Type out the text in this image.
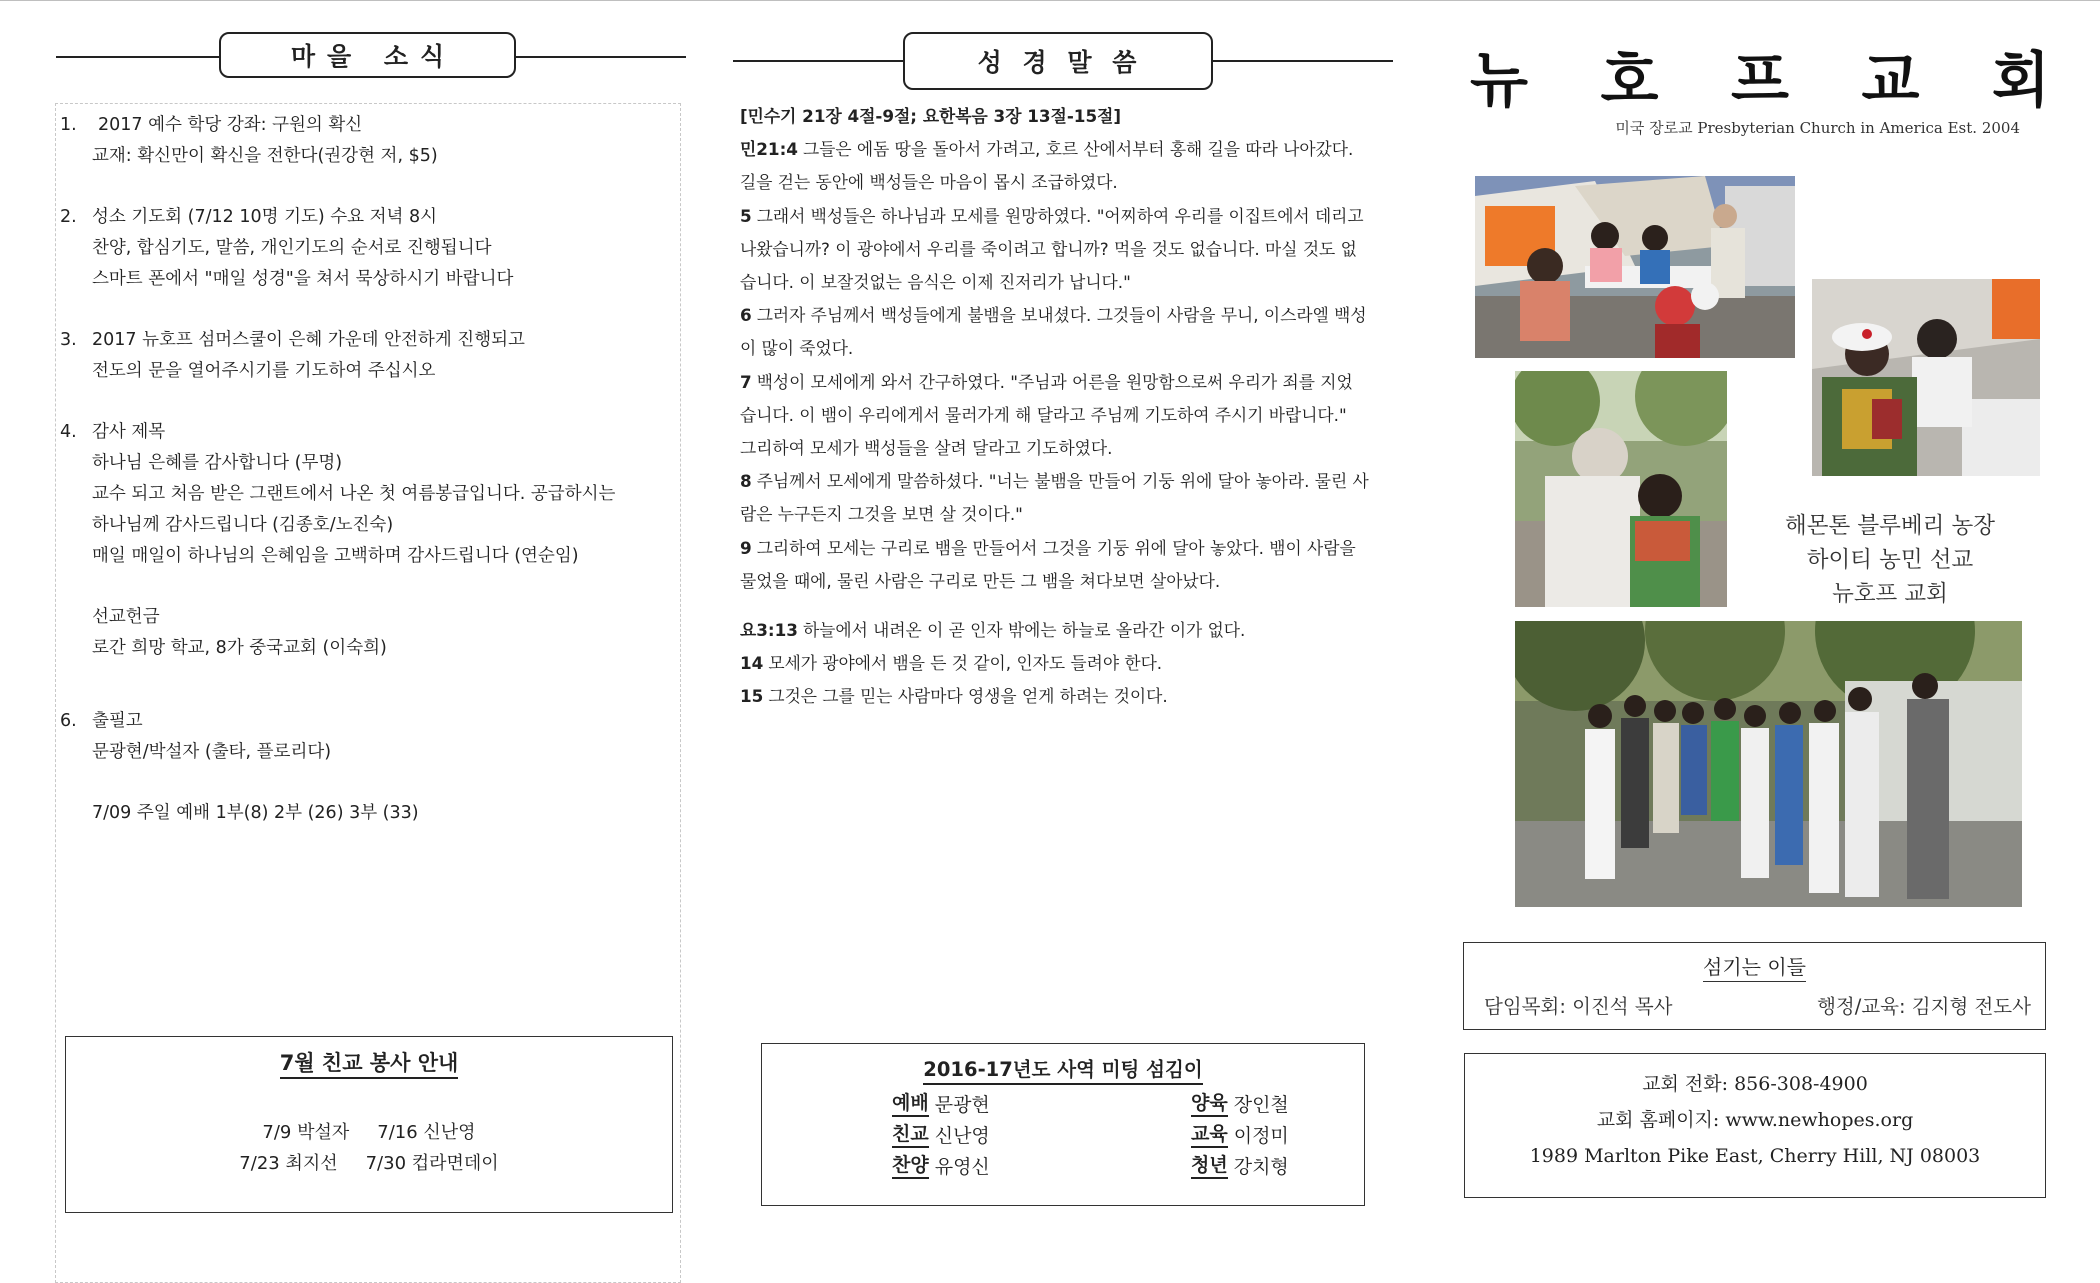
마을 소식
1.	2017 예수 학당 강좌: 구원의 확신
교재: 확신만이 확신을 전한다(권강현 저, $5)
2. 성소 기도회 (7/12 10명 기도) 수요 저녁 8시
찬양, 합심기도, 말씀, 개인기도의 순서로 진행됩니다
스마트 폰에서 "매일 성경"을 쳐서 묵상하시기 바랍니다
3. 2017 뉴호프 섬머스쿨이 은혜 가운데 안전하게 진행되고
전도의 문을 열어주시기를 기도하여 주십시오
4. 감사 제목
하나님 은혜를 감사합니다 (무명)
교수 되고 처음 받은 그랜트에서 나온 첫 여름봉급입니다. 공급하시는
하나님께 감사드립니다 (김종호/노진숙)
매일 매일이 하나님의 은혜임을 고백하며 감사드립니다 (연순임)
선교헌금
로간 희망 학교, 8가 중국교회 (이숙희)
6. 출필고
문광현/박설자 (출타, 플로리다)
7/09 주일 예배 1부(8) 2부 (26) 3부 (33)
7월 친교 봉사 안내
7/9 박설자 7/16 신난영
7/23 최지선 7/30 컵라면데이
성 경 말 씀
[민수기 21장 4절-9절; 요한복음 3장 13절-15절]
민21:4 그들은 에돔 땅을 돌아서 가려고, 호르 산에서부터 홍해 길을 따라 나아갔다.
길을 걷는 동안에 백성들은 마음이 몹시 조급하였다.
5 그래서 백성들은 하나님과 모세를 원망하였다. "어찌하여 우리를 이집트에서 데리고
나왔습니까? 이 광야에서 우리를 죽이려고 합니까? 먹을 것도 없습니다. 마실 것도 없
습니다. 이 보잘것없는 음식은 이제 진저리가 납니다."
6 그러자 주님께서 백성들에게 불뱀을 보내셨다. 그것들이 사람을 무니, 이스라엘 백성
이 많이 죽었다.
7 백성이 모세에게 와서 간구하였다. "주님과 어른을 원망함으로써 우리가 죄를 지었
습니다. 이 뱀이 우리에게서 물러가게 해 달라고 주님께 기도하여 주시기 바랍니다."
그리하여 모세가 백성들을 살려 달라고 기도하였다.
8 주님께서 모세에게 말씀하셨다. "너는 불뱀을 만들어 기둥 위에 달아 놓아라. 물린 사
람은 누구든지 그것을 보면 살 것이다."
9 그리하여 모세는 구리로 뱀을 만들어서 그것을 기둥 위에 달아 놓았다. 뱀이 사람을
물었을 때에, 물린 사람은 구리로 만든 그 뱀을 쳐다보면 살아났다.
요3:13 하늘에서 내려온 이 곧 인자 밖에는 하늘로 올라간 이가 없다.
14 모세가 광야에서 뱀을 든 것 같이, 인자도 들려야 한다.
15 그것은 그를 믿는 사람마다 영생을 얻게 하려는 것이다.
2016-17년도 사역 미팅 섬김이
예배 문광현	양육 장인철
친교 신난영	교육 이정미
찬양 유영신	청년 강치형
뉴 호 프 교 회
미국 장로교 Presbyterian Church in America Est. 2004
해몬톤 블루베리 농장
하이티 농민 선교
뉴호프 교회
섬기는 이들
담임목회: 이진석 목사	행정/교육: 김지형 전도사
교회 전화: 856-308-4900
교회 홈페이지: www.newhopes.org
1989 Marlton Pike East, Cherry Hill, NJ 08003
